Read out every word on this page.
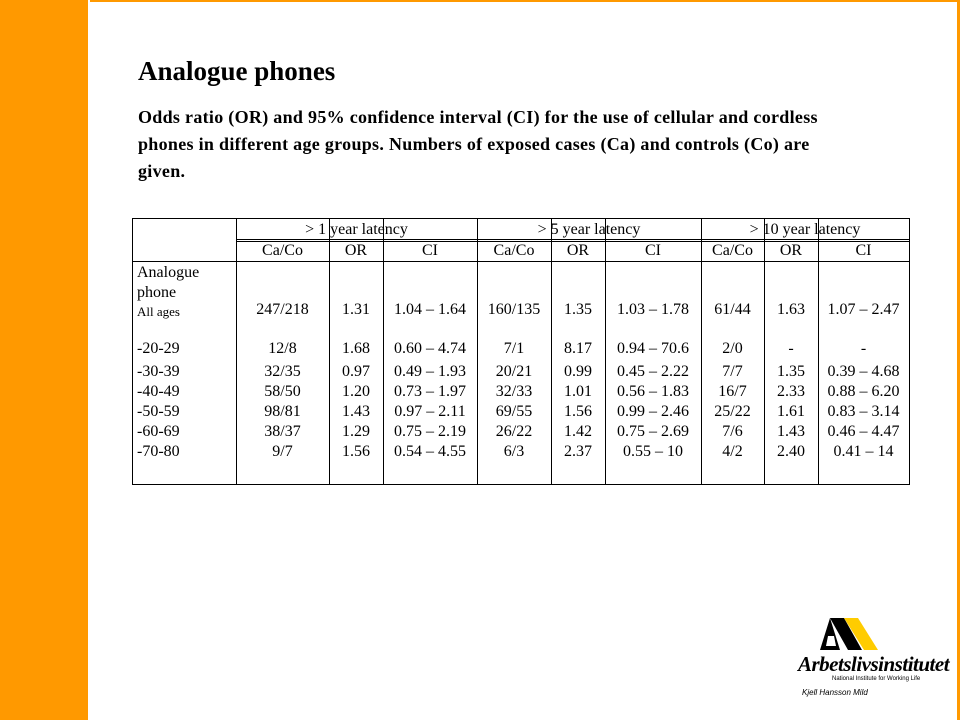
Analogue phones
Odds ratio (OR) and 95% confidence interval (CI) for the use of cellular and cordless phones in different age groups. Numbers of exposed cases (Ca) and controls (Co) are given.
> 1 year latency	> 5 year latency	> 10 year latency
Ca/Co	OR	CI	Ca/Co	OR	CI	Ca/Co	OR	CI
Analogue
phone
All ages	247/218	1.31	1.04 – 1.64	160/135	1.35	1.03 – 1.78	61/44	1.63	1.07 – 2.47
-20-29	12/8	1.68	0.60 – 4.74	7/1	8.17	0.94 – 70.6	2/0	-	-
-30-39	32/35	0.97	0.49 – 1.93	20/21	0.99	0.45 – 2.22	7/7	1.35	0.39 – 4.68
-40-49	58/50	1.20	0.73 – 1.97	32/33	1.01	0.56 – 1.83	16/7	2.33	0.88 – 6.20
-50-59	98/81	1.43	0.97 – 2.11	69/55	1.56	0.99 – 2.46	25/22	1.61	0.83 – 3.14
-60-69	38/37	1.29	0.75 – 2.19	26/22	1.42	0.75 – 2.69	7/6	1.43	0.46 – 4.47
-70-80	9/7	1.56	0.54 – 4.55	6/3	2.37	0.55 – 10	4/2	2.40	0.41 – 14
Arbetslivsinstitutet
National Institute for Working Life
Kjell Hansson Mild
